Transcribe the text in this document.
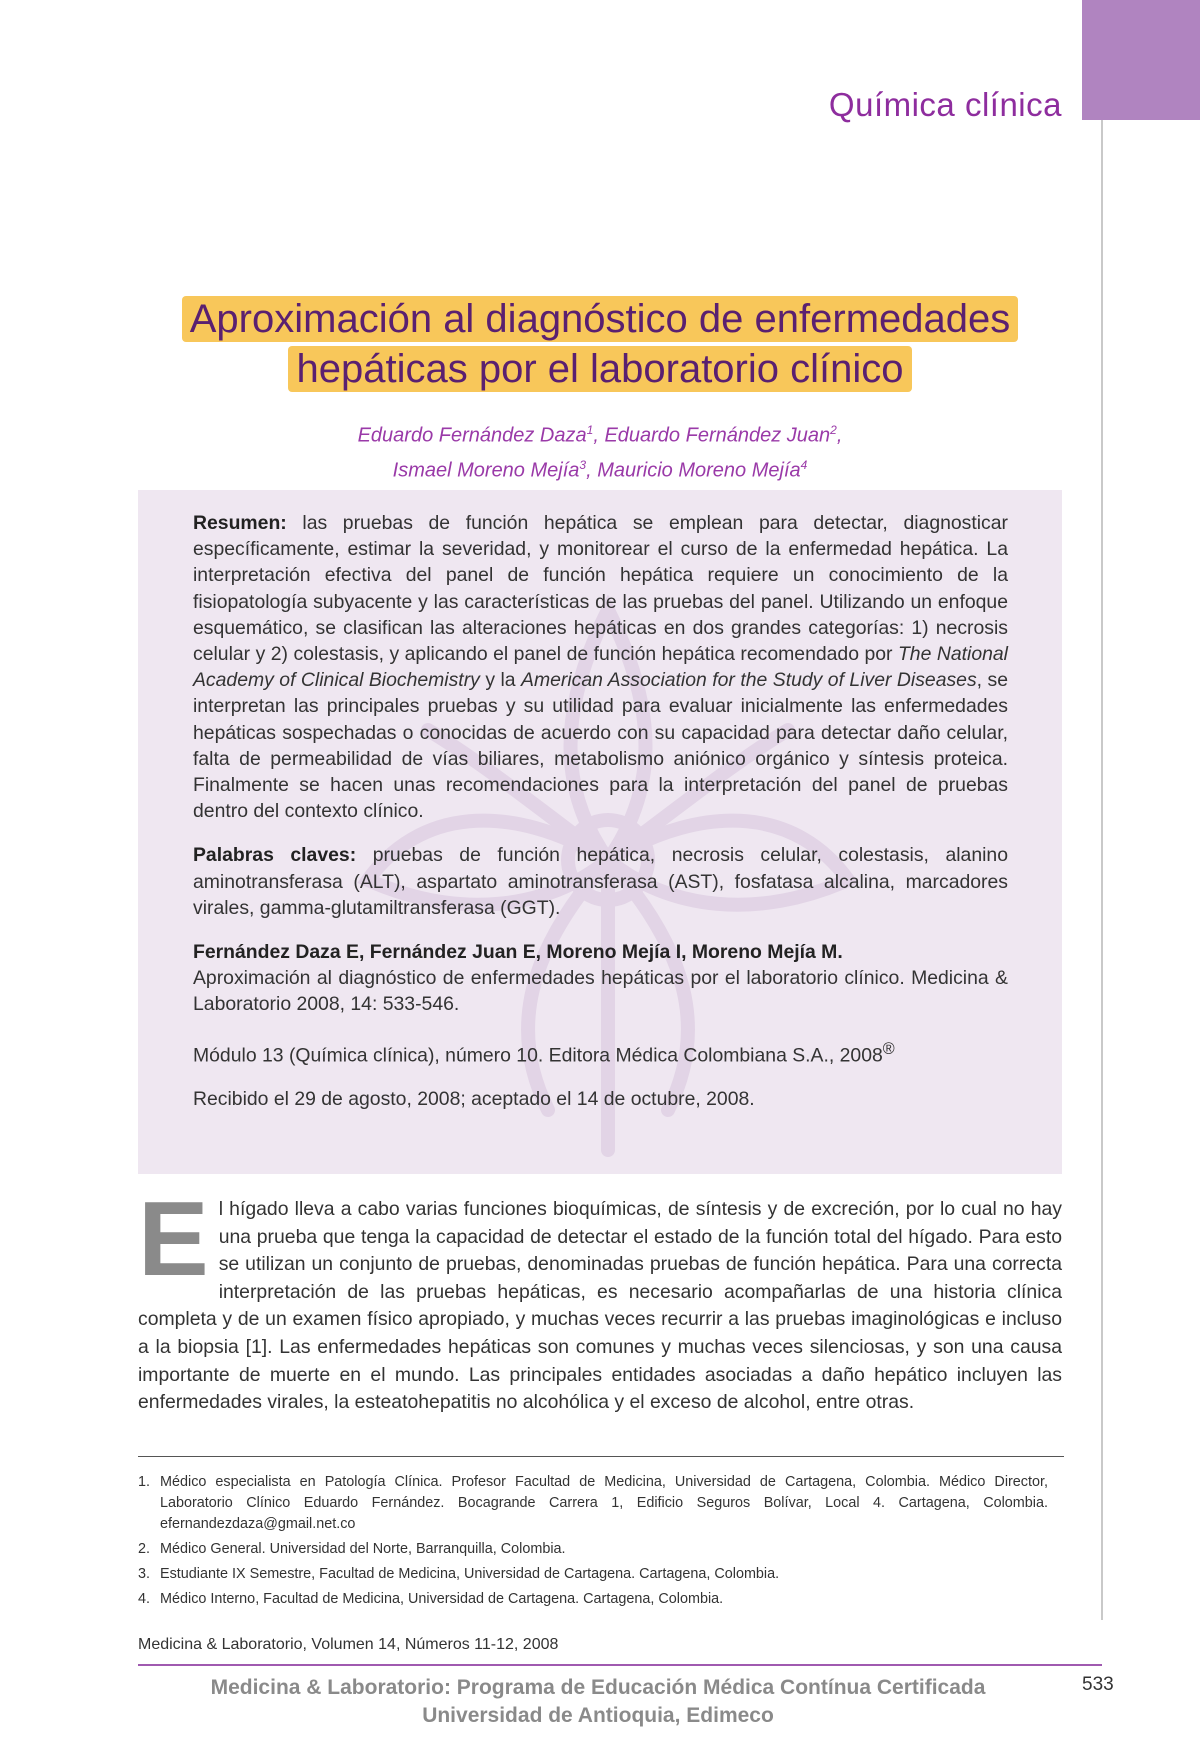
Química clínica
Aproximación al diagnóstico de enfermedades
hepáticas por el laboratorio clínico
Eduardo Fernández Daza$^1$, Eduardo Fernández Juan$^2$,
Ismael Moreno Mejía$^3$, Mauricio Moreno Mejía$^4$

Resumen: las pruebas de función hepática se emplean para detectar, diagnosticar específicamente, estimar la severidad, y monitorear el curso de la enfermedad hepática. La interpretación efectiva del panel de función hepática requiere un conocimiento de la fisiopatología subyacente y las características de las pruebas del panel. Utilizando un enfoque esquemático, se clasifican las alteraciones hepáticas en dos grandes categorías: 1) necrosis celular y 2) colestasis, y aplicando el panel de función hepática recomendado por The National Academy of Clinical Biochemistry y la American Association for the Study of Liver Diseases, se interpretan las principales pruebas y su utilidad para evaluar inicialmente las enfermedades hepáticas sospechadas o conocidas de acuerdo con su capacidad para detectar daño celular, falta de permeabilidad de vías biliares, metabolismo aniónico orgánico y síntesis proteica. Finalmente se hacen unas recomendaciones para la interpretación del panel de pruebas dentro del contexto clínico.

Palabras claves: pruebas de función hepática, necrosis celular, colestasis, alanino aminotransferasa (ALT), aspartato aminotransferasa (AST), fosfatasa alcalina, marcadores virales, gamma-glutamiltransferasa (GGT).

Fernández Daza E, Fernández Juan E, Moreno Mejía I, Moreno Mejía M.
Aproximación al diagnóstico de enfermedades hepáticas por el laboratorio clínico. Medicina & Laboratorio 2008, 14: 533-546.

Módulo 13 (Química clínica), número 10. Editora Médica Colombiana S.A., 2008®

Recibido el 29 de agosto, 2008; aceptado el 14 de octubre, 2008.

El hígado lleva a cabo varias funciones bioquímicas, de síntesis y de excreción, por lo cual no hay una prueba que tenga la capacidad de detectar el estado de la función total del hígado. Para esto se utilizan un conjunto de pruebas, denominadas pruebas de función hepática. Para una correcta interpretación de las pruebas hepáticas, es necesario acompañarlas de una historia clínica completa y de un examen físico apropiado, y muchas veces recurrir a las pruebas imaginológicas e incluso a la biopsia [1]. Las enfermedades hepáticas son comunes y muchas veces silenciosas, y son una causa importante de muerte en el mundo. Las principales entidades asociadas a daño hepático incluyen las enfermedades virales, la esteatohepatitis no alcohólica y el exceso de alcohol, entre otras.
1. Médico especialista en Patología Clínica. Profesor Facultad de Medicina, Universidad de Cartagena, Colombia. Médico Director, Laboratorio Clínico Eduardo Fernández. Bocagrande Carrera 1, Edificio Seguros Bolívar, Local 4. Cartagena, Colombia. efernandezdaza@gmail.net.co
2. Médico General. Universidad del Norte, Barranquilla, Colombia.
3. Estudiante IX Semestre, Facultad de Medicina, Universidad de Cartagena. Cartagena, Colombia.
4. Médico Interno, Facultad de Medicina, Universidad de Cartagena. Cartagena, Colombia.
Medicina & Laboratorio, Volumen 14, Números 11-12, 2008
Medicina & Laboratorio: Programa de Educación Médica Contínua Certificada
Universidad de Antioquia, Edimeco
533
